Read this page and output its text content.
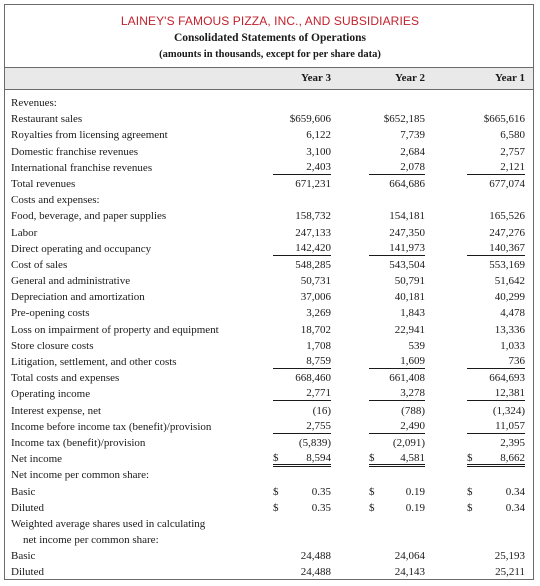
LAINEY'S FAMOUS PIZZA, INC., AND SUBSIDIARIES
Consolidated Statements of Operations
(amounts in thousands, except for per share data)
Year 3	Year 2	Year 1
Revenues:
Restaurant sales	$659,606	$652,185	$665,616
Royalties from licensing agreement	6,122	7,739	6,580
Domestic franchise revenues	3,100	2,684	2,757
International franchise revenues	2,403	2,078	2,121
Total revenues	671,231	664,686	677,074
Costs and expenses:
Food, beverage, and paper supplies	158,732	154,181	165,526
Labor	247,133	247,350	247,276
Direct operating and occupancy	142,420	141,973	140,367
Cost of sales	548,285	543,504	553,169
General and administrative	50,731	50,791	51,642
Depreciation and amortization	37,006	40,181	40,299
Pre-opening costs	3,269	1,843	4,478
Loss on impairment of property and equipment	18,702	22,941	13,336
Store closure costs	1,708	539	1,033
Litigation, settlement, and other costs	8,759	1,609	736
Total costs and expenses	668,460	661,408	664,693
Operating income	2,771	3,278	12,381
Interest expense, net	(16)	(788)	(1,324)
Income before income tax (benefit)/provision	2,755	2,490	11,057
Income tax (benefit)/provision	(5,839)	(2,091)	2,395
Net income	$	8,594	$ 4,581	$	8,662
Net income per common share:
Basic	$	0.35	$	0.19	$	0.34
Diluted	$	0.35	$	0.19	$	0.34
Weighted average shares used in calculating
net income per common share:
Basic	24,488	24,064	25,193
Diluted	24,488	24,143	25,211
